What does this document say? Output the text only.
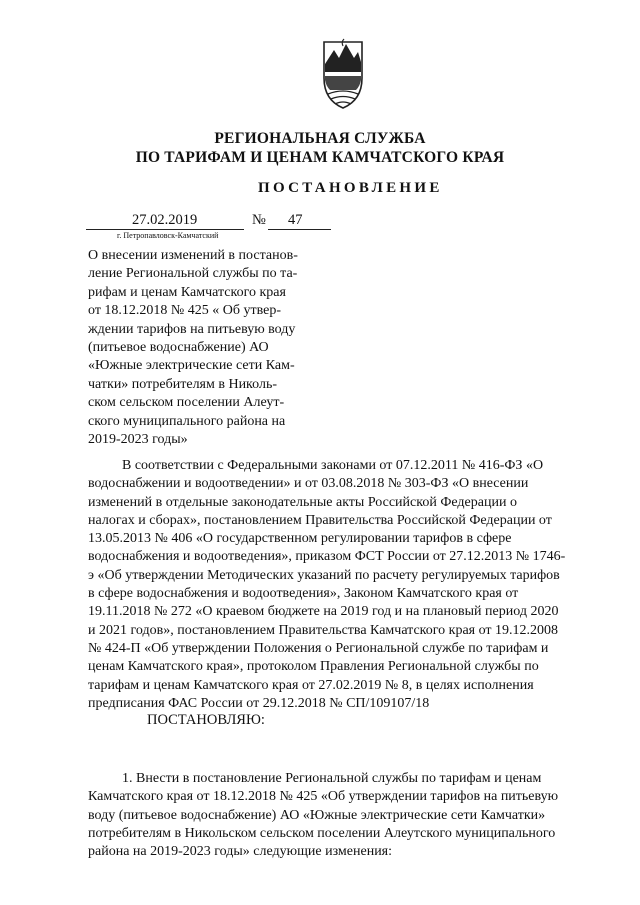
РЕГИОНАЛЬНАЯ СЛУЖБА
ПО ТАРИФАМ И ЦЕНАМ КАМЧАТСКОГО КРАЯ
ПОСТАНОВЛЕНИЕ
27.02.2019	№ 47
г. Петропавловск-Камчатский
О внесении изменений в постанов-
ление Региональной службы по та-
рифам и ценам Камчатского края
от 18.12.2018 № 425 « Об утвер-
ждении тарифов на питьевую воду
(питьевое водоснабжение) АО
«Южные электрические сети Кам-
чатки» потребителям в Николь-
ском сельском поселении Алеут-
ского муниципального района на
2019-2023 годы»
В соответствии с Федеральными законами от 07.12.2011 № 416-ФЗ «О
водоснабжении и водоотведении» и от 03.08.2018 № 303-ФЗ «О внесении
изменений в отдельные законодательные акты Российской Федерации о
налогах и сборах», постановлением Правительства Российской Федерации от
13.05.2013 № 406 «О государственном регулировании тарифов в сфере
водоснабжения и водоотведения», приказом ФСТ России от 27.12.2013 № 1746-
э «Об утверждении Методических указаний по расчету регулируемых тарифов
в сфере водоснабжения и водоотведения», Законом Камчатского края от
19.11.2018 № 272 «О краевом бюджете на 2019 год и на плановый период 2020
и 2021 годов», постановлением Правительства Камчатского края от 19.12.2008
№ 424-П «Об утверждении Положения о Региональной службе по тарифам и
ценам Камчатского края», протоколом Правления Региональной службы по
тарифам и ценам Камчатского края от 27.02.2019 № 8, в целях исполнения
предписания ФАС России от 29.12.2018 № СП/109107/18
ПОСТАНОВЛЯЮ:
1. Внести в постановление Региональной службы по тарифам и ценам
Камчатского края от 18.12.2018 № 425 «Об утверждении тарифов на питьевую
воду (питьевое водоснабжение) АО «Южные электрические сети Камчатки»
потребителям в Никольском сельском поселении Алеутского муниципального
района на 2019-2023 годы» следующие изменения:
